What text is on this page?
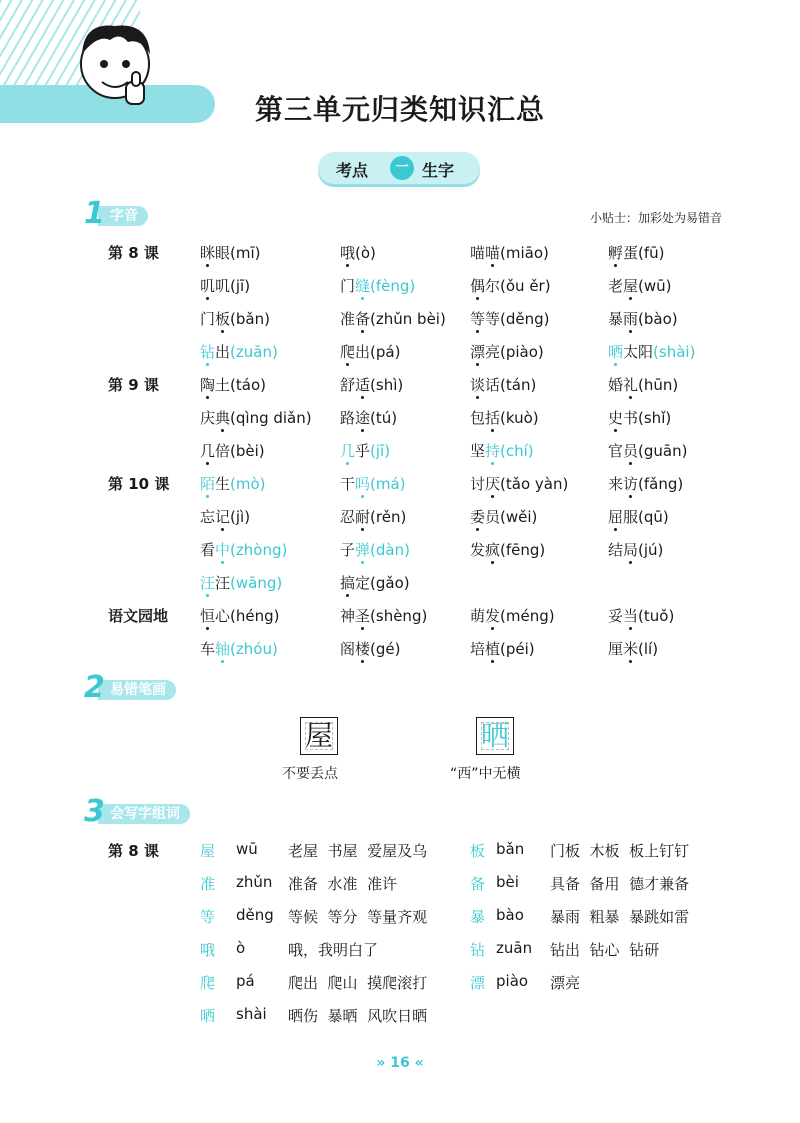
第三单元归类知识汇总
考点	一 生字
字音
1	小贴士：加彩处为易错音
第 8 课	眯眼(mī)	哦(ò)	喵喵(miāo)	孵蛋(fū)
叽叽(jī)	门缝(fèng)	偶尔(ǒu ěr)	老屋(wū)
门板(bǎn)	准备(zhǔn bèi) 等等(děng)	暴雨(bào)
钻出(zuān)	爬出(pá)	漂亮(piào)	晒太阳(shài)
第 9 课	陶土(táo)	舒适(shì)	谈话(tán)	婚礼(hūn)
庆典(qìng diǎn) 路途(tú)	包括(kuò)	史书(shǐ)
几倍(bèi)	几乎(jī)	坚持(chí)	官员(guān)
第 10 课 陌生(mò)	干吗(má)	讨厌(tǎo yàn)	来访(fǎng)
忘记(jì)	忍耐(rěn)	委员(wěi)	屈服(qū)
看中(zhòng)	子弹(dàn)	发疯(fēng)	结局(jú)
汪汪(wāng)	搞定(gǎo)
语文园地 恒心(héng)	神圣(shèng)	萌发(méng)	妥当(tuǒ)
车轴(zhóu)	阁楼(gé)	培植(péi)	厘米(lí)
易错笔画
2
屋
不要丢点
晒
“西”中无横
会写字组词
3
第 8 课	屋 wū 老屋  书屋  爱屋及乌	板 bǎn 门板  木板  板上钉钉
准 zhǔn 准备  水准  准许	备 bèi 具备  备用  德才兼备
等 děng 等候  等分  等量齐观	暴 bào 暴雨  粗暴  暴跳如雷
哦 ò	哦，我明白了	钻 zuān 钻出  钻心  钻研
爬 pá 爬出  爬山  摸爬滚打	漂 piào 漂亮
晒 shài 晒伤  暴晒  风吹日晒
» 16 «
